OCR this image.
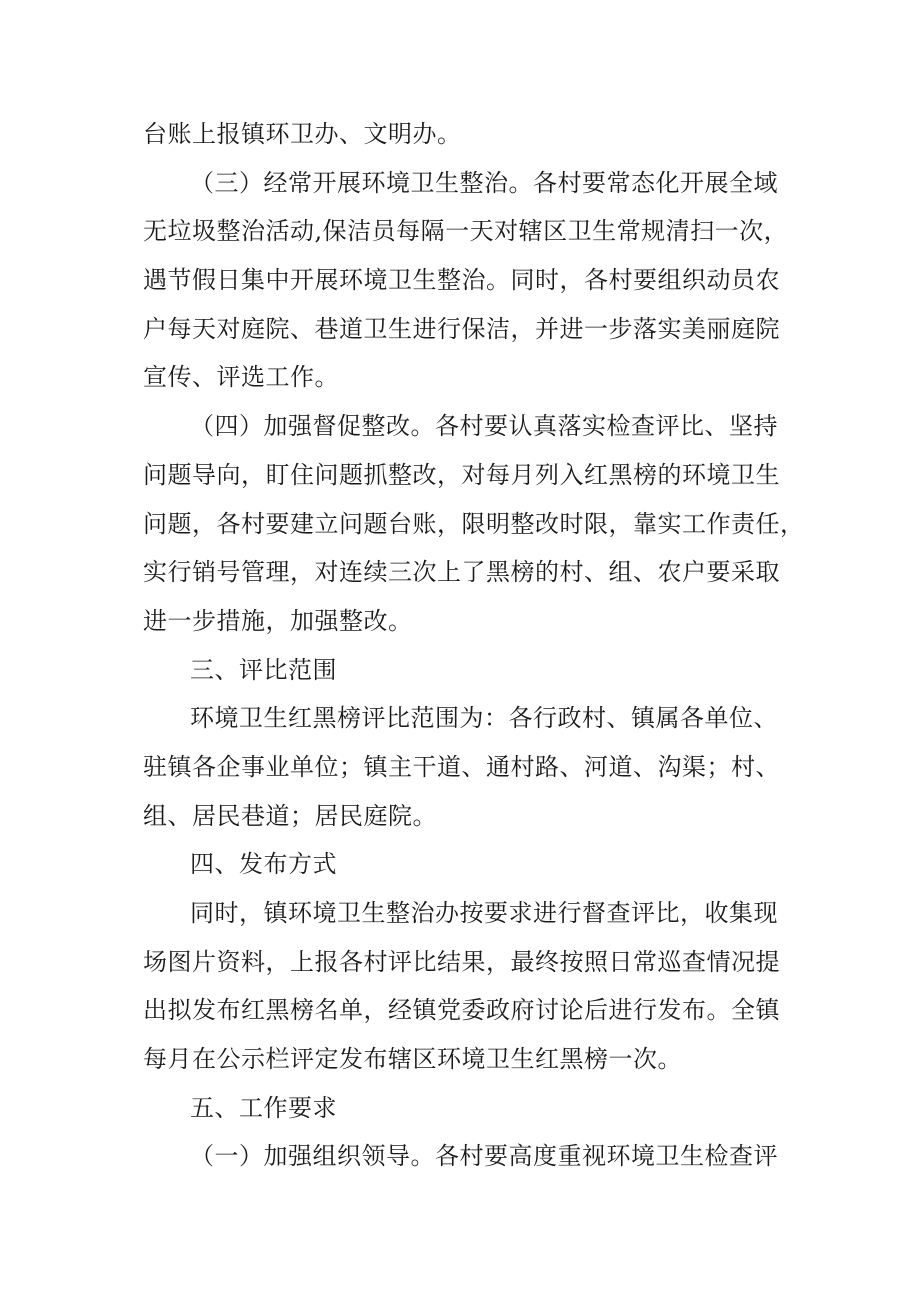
台账上报镇环卫办、文明办。
（三）经常开展环境卫生整治。各村要常态化开展全域
无垃圾整治活动,保洁员每隔一天对辖区卫生常规清扫一次，
遇节假日集中开展环境卫生整治。同时，各村要组织动员农
户每天对庭院、巷道卫生进行保洁，并进一步落实美丽庭院
宣传、评选工作。
（四）加强督促整改。各村要认真落实检查评比、坚持
问题导向，盯住问题抓整改，对每月列入红黑榜的环境卫生
问题，各村要建立问题台账，限明整改时限，靠实工作责任，
实行销号管理，对连续三次上了黑榜的村、组、农户要采取
进一步措施，加强整改。
三、评比范围
环境卫生红黑榜评比范围为：各行政村、镇属各单位、
驻镇各企事业单位；镇主干道、通村路、河道、沟渠；村、
组、居民巷道；居民庭院。
四、发布方式
同时，镇环境卫生整治办按要求进行督查评比，收集现
场图片资料，上报各村评比结果，最终按照日常巡查情况提
出拟发布红黑榜名单，经镇党委政府讨论后进行发布。全镇
每月在公示栏评定发布辖区环境卫生红黑榜一次。
五、工作要求
（一）加强组织领导。各村要高度重视环境卫生检查评
